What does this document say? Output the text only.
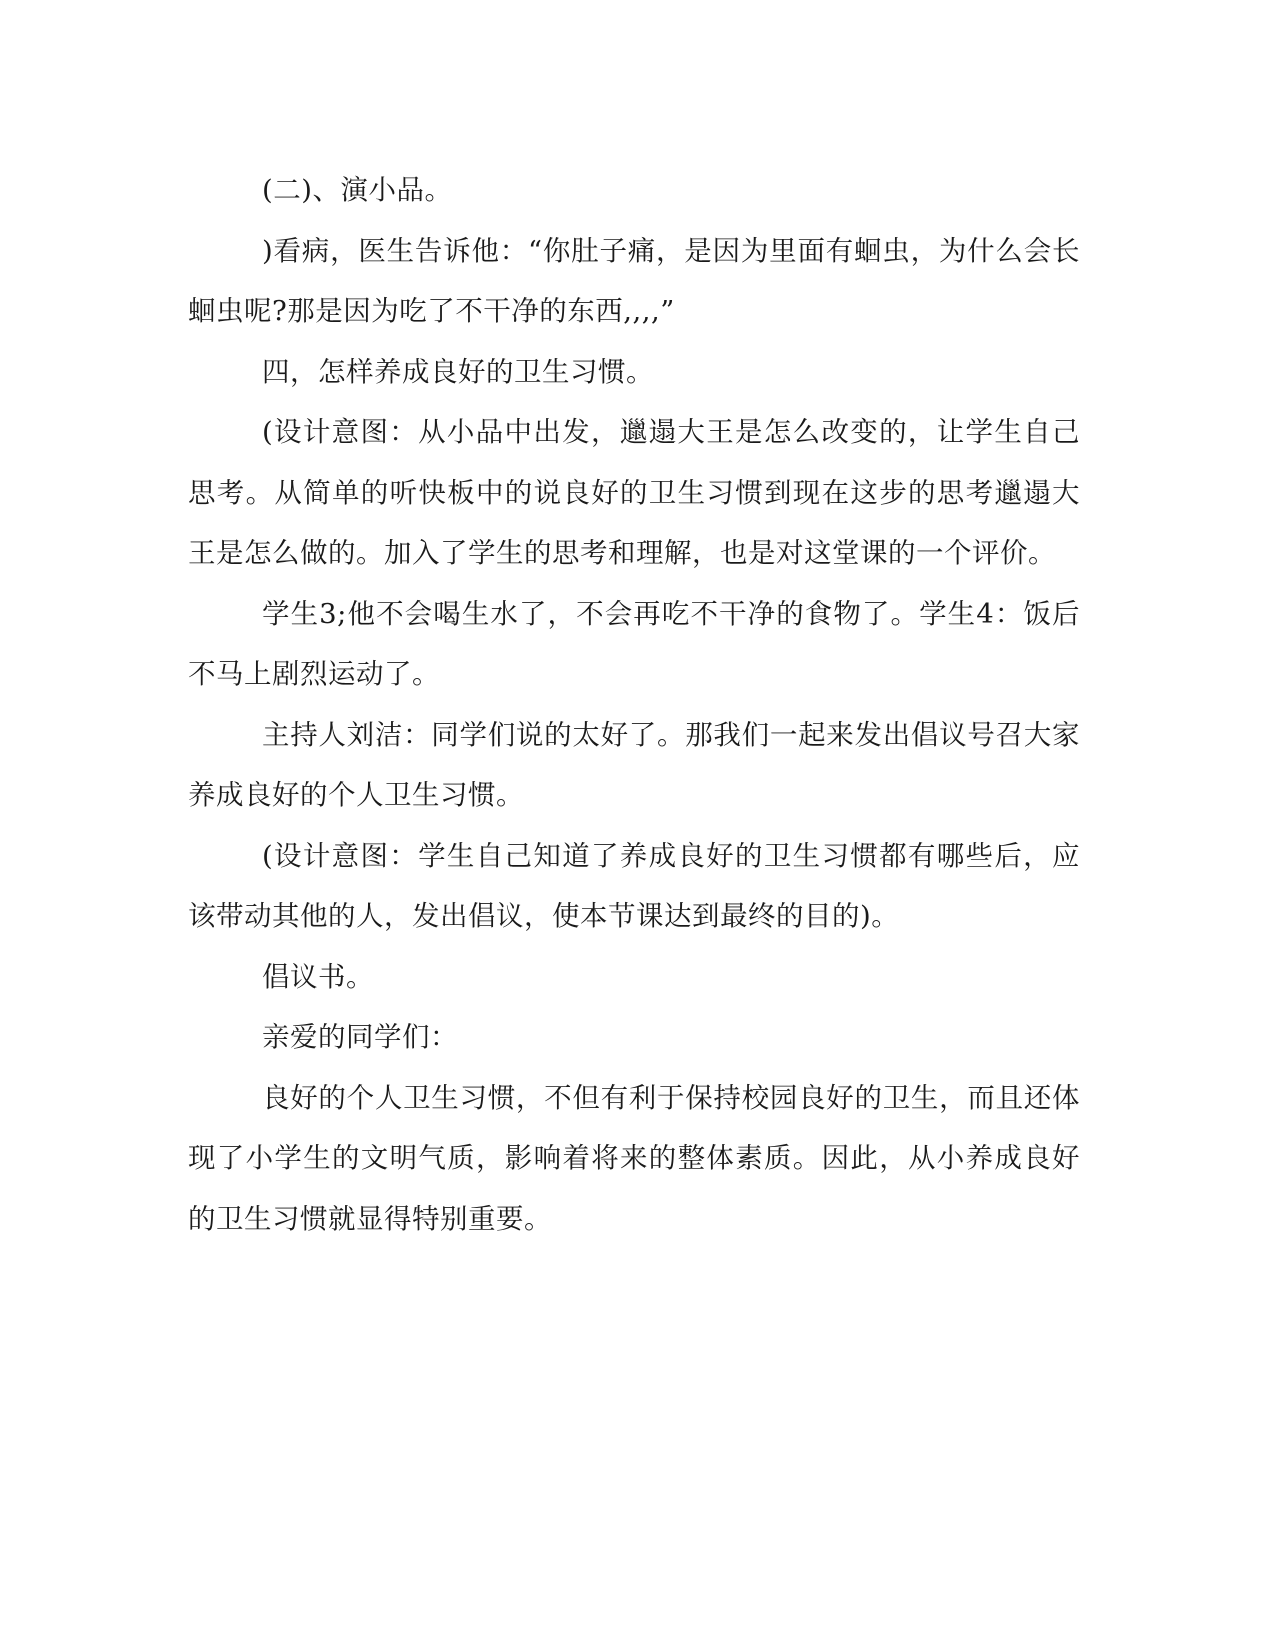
(二)、演小品。

)看病，医生告诉他：“你肚子痛，是因为里面有蛔虫，为什么会长蛔虫呢?那是因为吃了不干净的东西,,,,”

四，怎样养成良好的卫生习惯。

(设计意图：从小品中出发，邋遢大王是怎么改变的，让学生自己思考。从简单的听快板中的说良好的卫生习惯到现在这步的思考邋遢大王是怎么做的。加入了学生的思考和理解，也是对这堂课的一个评价。

学生3;他不会喝生水了，不会再吃不干净的食物了。学生4：饭后不马上剧烈运动了。

主持人刘洁：同学们说的太好了。那我们一起来发出倡议号召大家养成良好的个人卫生习惯。

(设计意图：学生自己知道了养成良好的卫生习惯都有哪些后，应该带动其他的人，发出倡议，使本节课达到最终的目的)。

倡议书。

亲爱的同学们：

良好的个人卫生习惯，不但有利于保持校园良好的卫生，而且还体现了小学生的文明气质，影响着将来的整体素质。因此，从小养成良好的卫生习惯就显得特别重要。
